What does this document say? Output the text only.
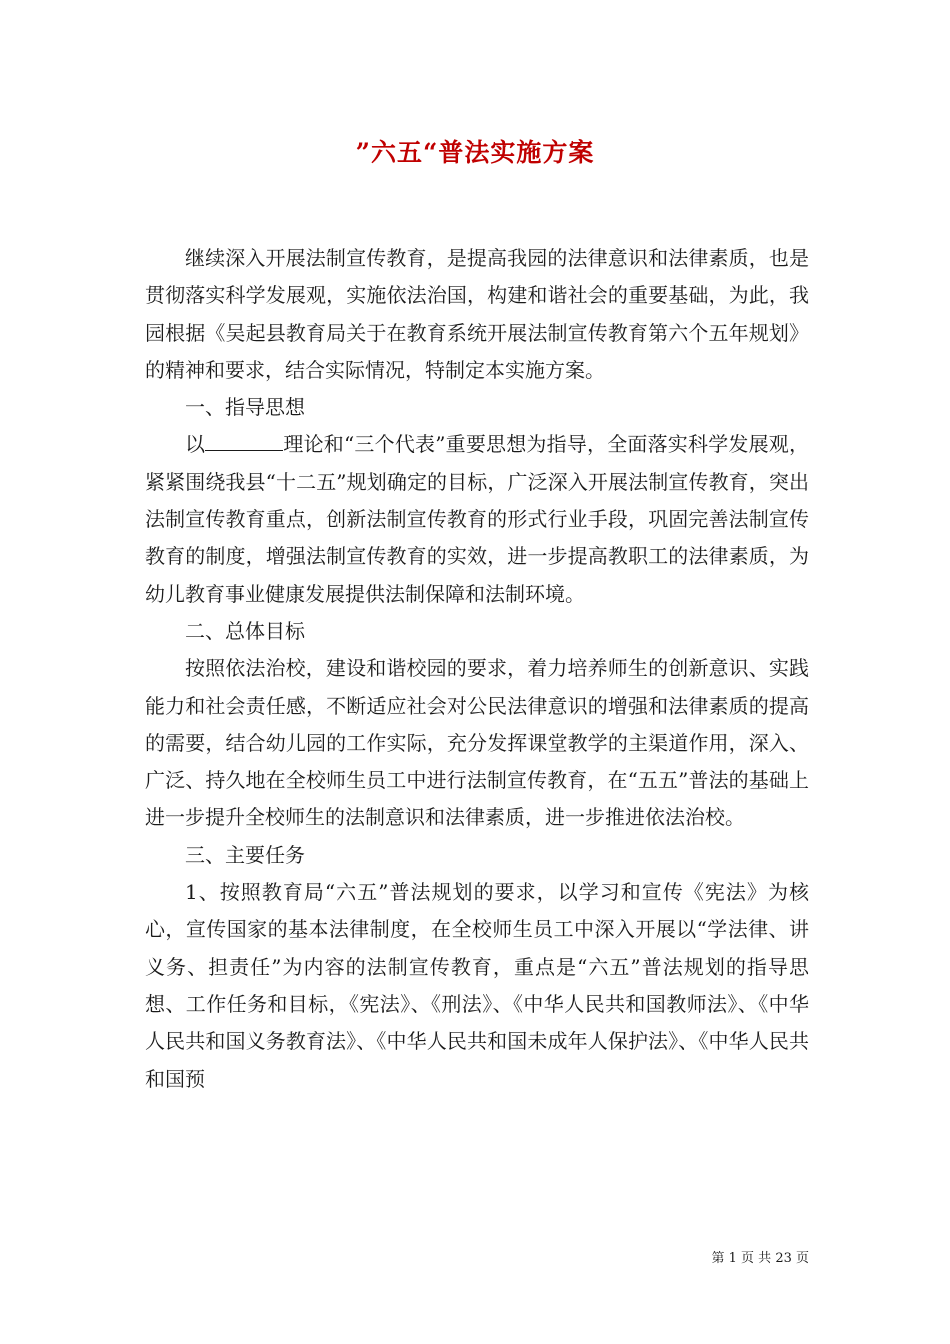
”六五“普法实施方案

继续深入开展法制宣传教育，是提高我园的法律意识和法律素质，也是贯彻落实科学发展观，实施依法治国，构建和谐社会的重要基础，为此，我园根据《吴起县教育局关于在教育系统开展法制宣传教育第六个五年规划》的精神和要求，结合实际情况，特制定本实施方案。

一、指导思想

以	理论和“三个代表”重要思想为指导，全面落实科学发展观，紧紧围绕我县“十二五”规划确定的目标，广泛深入开展法制宣传教育，突出法制宣传教育重点，创新法制宣传教育的形式行业手段，巩固完善法制宣传教育的制度，增强法制宣传教育的实效，进一步提高教职工的法律素质，为幼儿教育事业健康发展提供法制保障和法制环境。

二、总体目标

按照依法治校，建设和谐校园的要求，着力培养师生的创新意识、实践能力和社会责任感，不断适应社会对公民法律意识的增强和法律素质的提高的需要，结合幼儿园的工作实际，充分发挥课堂教学的主渠道作用，深入、广泛、持久地在全校师生员工中进行法制宣传教育，在“五五”普法的基础上进一步提升全校师生的法制意识和法律素质，进一步推进依法治校。

三、主要任务

1、按照教育局“六五”普法规划的要求，以学习和宣传《宪法》为核心，宣传国家的基本法律制度，在全校师生员工中深入开展以“学法律、讲义务、担责任”为内容的法制宣传教育，重点是“六五”普法规划的指导思想、工作任务和目标，《宪法》、《刑法》、《中华人民共和国教师法》、《中华人民共和国义务教育法》、《中华人民共和国未成年人保护法》、《中华人民共和国预

第 1 页 共 23 页
